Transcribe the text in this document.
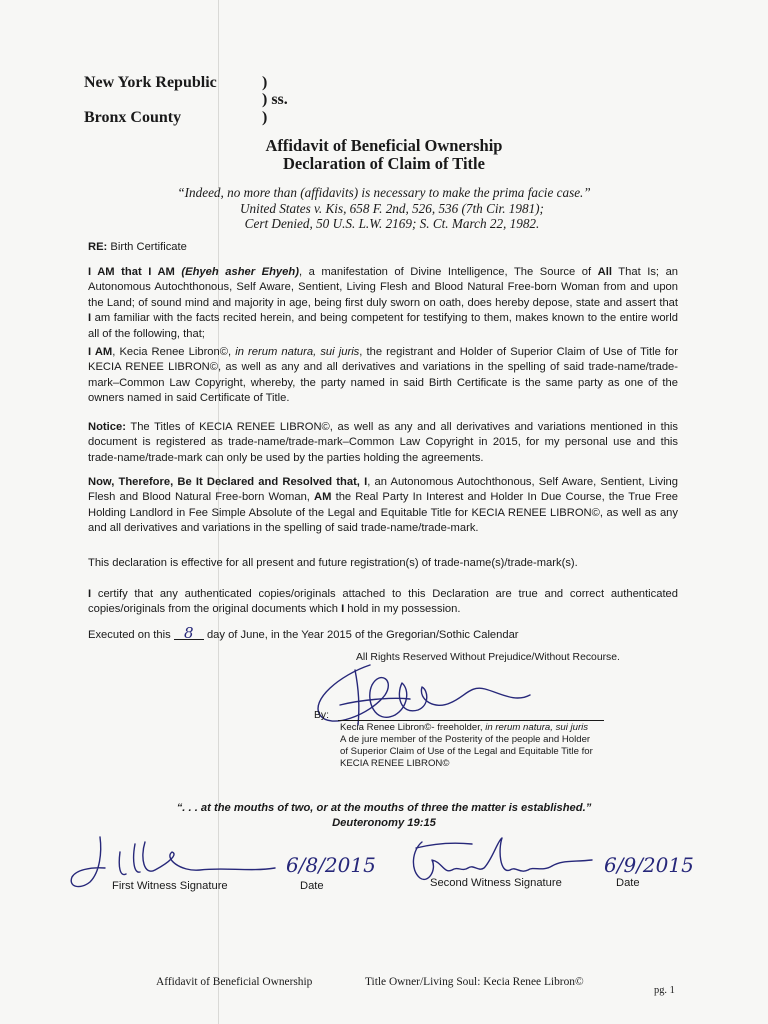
New York Republic
Bronx County
)
) ss.
)
Affidavit of Beneficial Ownership
Declaration of Claim of Title
“Indeed, no more than (affidavits) is necessary to make the prima facie case.”
United States v. Kis, 658 F. 2nd, 526, 536 (7th Cir. 1981);
Cert Denied, 50 U.S. L.W. 2169; S. Ct. March 22, 1982.
RE: Birth Certificate
I AM that I AM (Ehyeh asher Ehyeh), a manifestation of Divine Intelligence, The Source of All That Is; an Autonomous Autochthonous, Self Aware, Sentient, Living Flesh and Blood Natural Free-born Woman from and upon the Land; of sound mind and majority in age, being first duly sworn on oath, does hereby depose, state and assert that I am familiar with the facts recited herein, and being competent for testifying to them, makes known to the entire world all of the following, that;
I AM, Kecia Renee Libron©, in rerum natura, sui juris, the registrant and Holder of Superior Claim of Use of Title for KECIA RENEE LIBRON©, as well as any and all derivatives and variations in the spelling of said trade-name/trade-mark–Common Law Copyright, whereby, the party named in said Birth Certificate is the same party as one of the owners named in said Certificate of Title.
Notice: The Titles of KECIA RENEE LIBRON©, as well as any and all derivatives and variations mentioned in this document is registered as trade-name/trade-mark–Common Law Copyright in 2015, for my personal use and this trade-name/trade-mark can only be used by the parties holding the agreements.
Now, Therefore, Be It Declared and Resolved that, I, an Autonomous Autochthonous, Self Aware, Sentient, Living Flesh and Blood Natural Free-born Woman, AM the Real Party In Interest and Holder In Due Course, the True Free Holding Landlord in Fee Simple Absolute of the Legal and Equitable Title for KECIA RENEE LIBRON©, as well as any and all derivatives and variations in the spelling of said trade-name/trade-mark.
This declaration is effective for all present and future registration(s) of trade-name(s)/trade-mark(s).
I certify that any authenticated copies/originals attached to this Declaration are true and correct authenticated copies/originals from the original documents which I hold in my possession.
Executed on this 8 day of June, in the Year 2015 of the Gregorian/Sothic Calendar
All Rights Reserved Without Prejudice/Without Recourse.
By:
Kecia Renee Libron©- freeholder, in rerum natura, sui juris
A de jure member of the Posterity of the people and Holder
of Superior Claim of Use of the Legal and Equitable Title for
KECIA RENEE LIBRON©
“. . . at the mouths of two, or at the mouths of three the matter is established.”
Deuteronomy 19:15
6/8/2015	6/9/2015
First Witness Signature	Date	Second Witness Signature	Date
Affidavit of Beneficial Ownership	Title Owner/Living Soul: Kecia Renee Libron©
pg. 1
